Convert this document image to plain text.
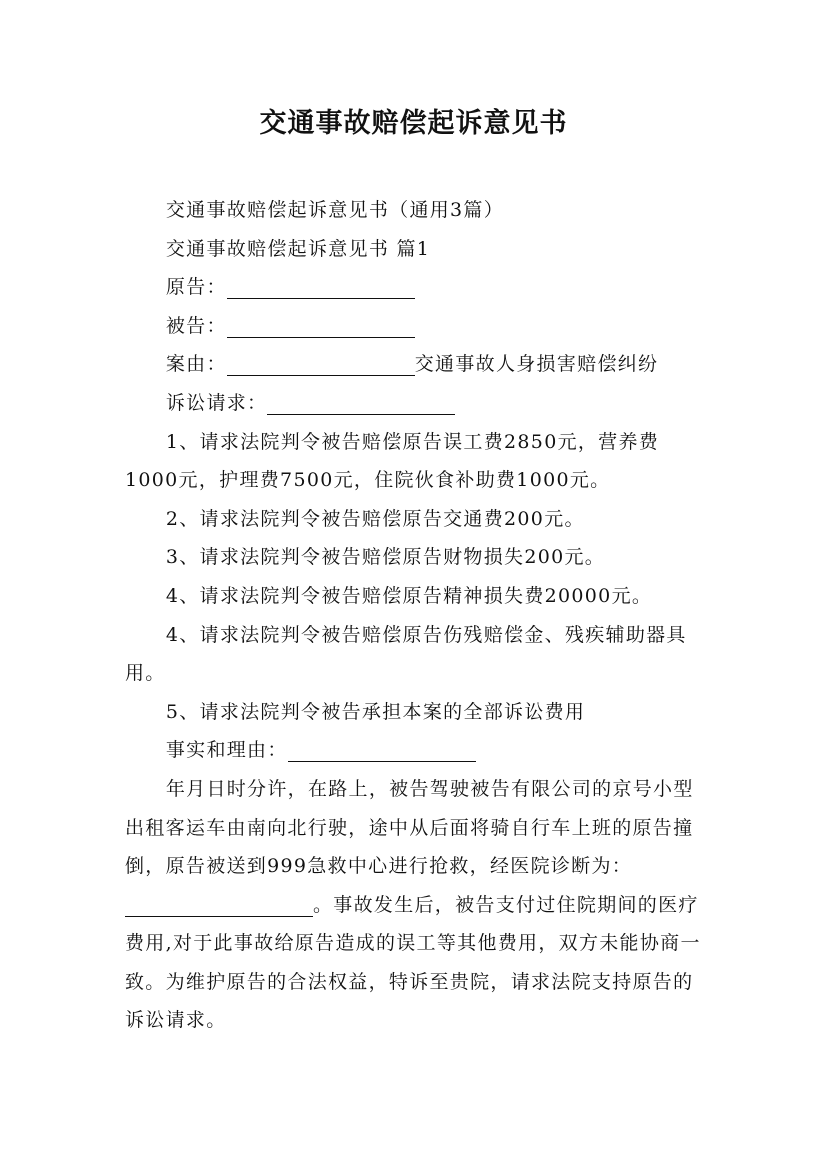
交通事故赔偿起诉意见书

交通事故赔偿起诉意见书（通用3篇）

交通事故赔偿起诉意见书 篇1

原告：

被告：

案由：	交通事故人身损害赔偿纠纷

诉讼请求：

1、请求法院判令被告赔偿原告误工费2850元，营养费1000元，护理费7500元，住院伙食补助费1000元。

2、请求法院判令被告赔偿原告交通费200元。

3、请求法院判令被告赔偿原告财物损失200元。

4、请求法院判令被告赔偿原告精神损失费20000元。

4、请求法院判令被告赔偿原告伤残赔偿金、残疾辅助器具用。

5、请求法院判令被告承担本案的全部诉讼费用

事实和理由：

年月日时分许，在路上，被告驾驶被告有限公司的京号小型出租客运车由南向北行驶，途中从后面将骑自行车上班的原告撞倒，原告被送到999急救中心进行抢救，经医院诊断为：。事故发生后，被告支付过住院期间的医疗费用,对于此事故给原告造成的误工等其他费用，双方未能协商一致。为维护原告的合法权益，特诉至贵院，请求法院支持原告的诉讼请求。
